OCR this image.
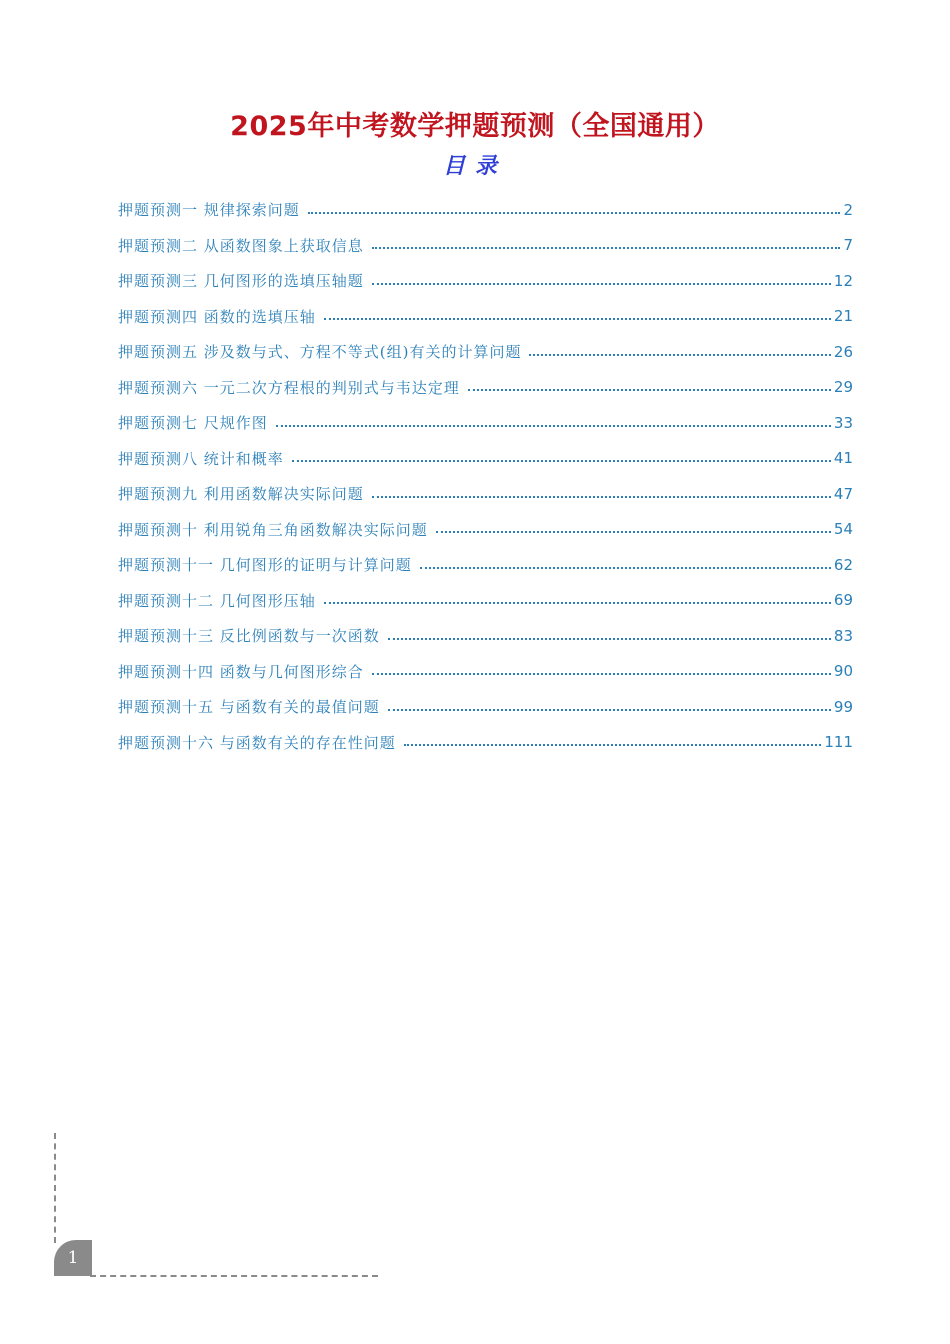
2025年中考数学押题预测（全国通用）
目录
押题预测一 规律探索问题	2
押题预测二 从函数图象上获取信息	7
押题预测三 几何图形的选填压轴题	12
押题预测四 函数的选填压轴	21
押题预测五 涉及数与式、方程不等式(组)有关的计算问题	26
押题预测六 一元二次方程根的判别式与韦达定理	29
押题预测七 尺规作图	33
押题预测八 统计和概率	41
押题预测九 利用函数解决实际问题	47
押题预测十 利用锐角三角函数解决实际问题	54
押题预测十一 几何图形的证明与计算问题	62
押题预测十二 几何图形压轴	69
押题预测十三 反比例函数与一次函数	83
押题预测十四 函数与几何图形综合	90
押题预测十五 与函数有关的最值问题	99
押题预测十六 与函数有关的存在性问题	111
1
